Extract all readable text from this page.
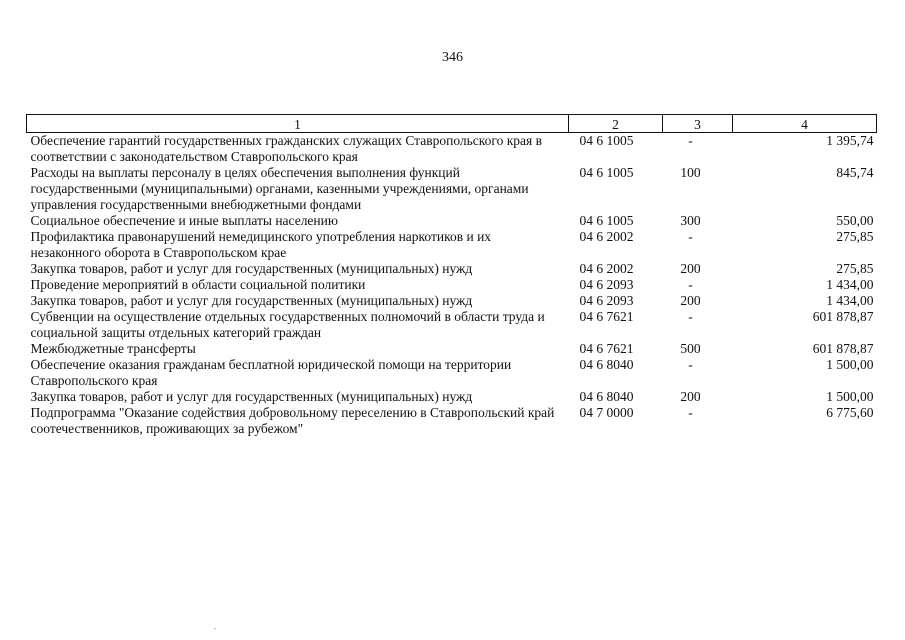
346
1	2	3	4
Обеспечение гарантий государственных гражданских служащих Ставропольского края в соответствии с законодательством Ставропольского края	04 6 1005	-	1 395,74
Расходы на выплаты персоналу в целях обеспечения выполнения функций государственными (муниципальными) органами, казенными учреждениями, органами управления государственными внебюджетными фондами	04 6 1005	100	845,74
Социальное обеспечение и иные выплаты населению	04 6 1005	300	550,00
Профилактика правонарушений немедицинского употребления наркотиков и их незаконного оборота в Ставропольском крае	04 6 2002	-	275,85
Закупка товаров, работ и услуг для государственных (муниципальных) нужд	04 6 2002	200	275,85
Проведение мероприятий в области социальной политики	04 6 2093	-	1 434,00
Закупка товаров, работ и услуг для государственных (муниципальных) нужд	04 6 2093	200	1 434,00
Субвенции на осуществление отдельных государственных полномочий в области труда и социальной защиты отдельных категорий граждан	04 6 7621	-	601 878,87
Межбюджетные трансферты	04 6 7621	500	601 878,87
Обеспечение оказания гражданам бесплатной юридической помощи на территории Ставропольского края	04 6 8040	-	1 500,00
Закупка товаров, работ и услуг для государственных (муниципальных) нужд	04 6 8040	200	1 500,00
Подпрограмма "Оказание содействия добровольному переселению в Ставропольский край соотечественников, проживающих за рубежом"	04 7 0000	-	6 775,60
